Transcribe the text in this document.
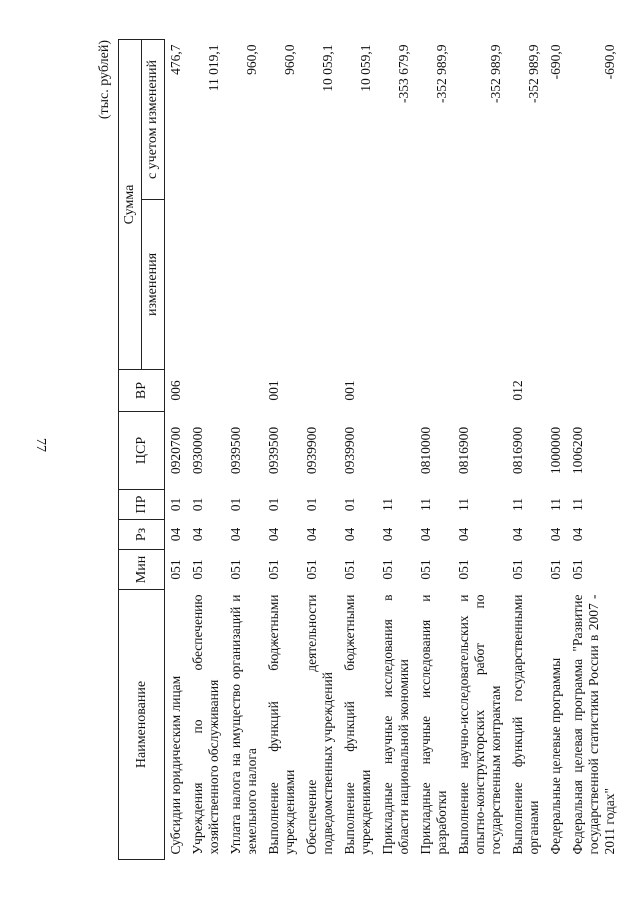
77
(тыс. рублей)
Наименование	Мин	Рз	ПР	ЦСР	ВР	Сумма	
						изменения	с учетом изменений
Субсидии юридическим лицам	051	04	01	0920700	006		476,7
Учреждения по обеспечению хозяйственного обслуживания	051	04	01	0930000			11 019,1
Уплата налога на имущество организаций и земельного налога	051	04	01	0939500			960,0
Выполнение функций бюджетными учреждениями	051	04	01	0939500	001		960,0
Обеспечение деятельности подведомственных учреждений	051	04	01	0939900			10 059,1
Выполнение функций бюджетными учреждениями	051	04	01	0939900	001		10 059,1
Прикладные научные исследования в области национальной экономики	051	04	11				-353 679,9
Прикладные научные исследования и разработки	051	04	11	0810000			-352 989,9
Выполнение научно-исследовательских и опытно-конструкторских работ по государственным контрактам	051	04	11	0816900			-352 989,9
Выполнение функций государственными органами	051	04	11	0816900	012		-352 989,9
Федеральные целевые программы	051	04	11	1000000			-690,0
Федеральная целевая программа "Развитие государственной статистики России в 2007 - 2011 годах"	051	04	11	1006200			-690,0
